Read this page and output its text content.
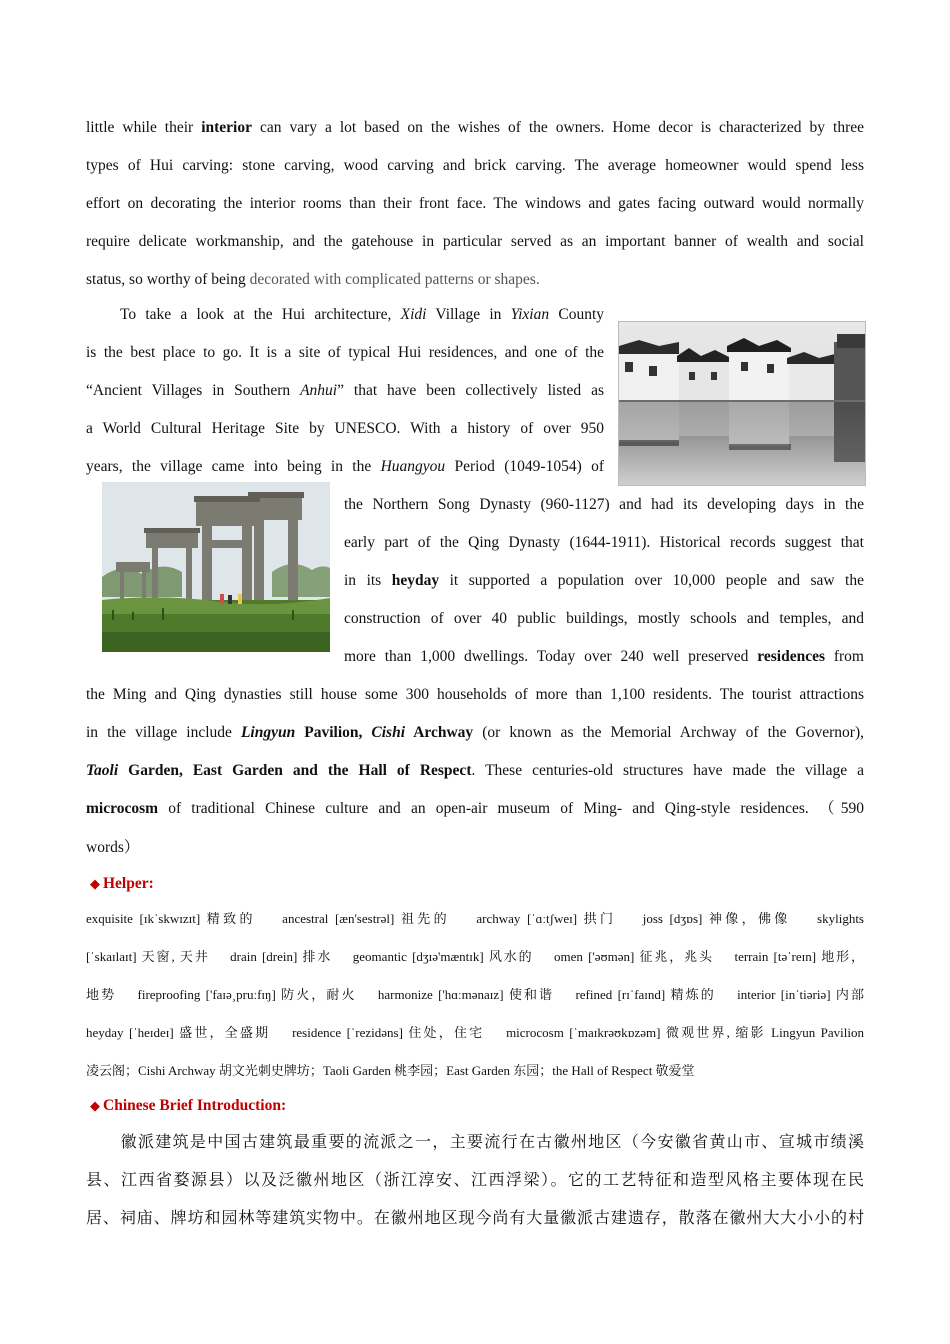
little while their interior can vary a lot based on the wishes of the owners. Home decor is characterized by three
types of Hui carving: stone carving, wood carving and brick carving. The average homeowner would spend less
effort on decorating the interior rooms than their front face. The windows and gates facing outward would normally
require delicate workmanship, and the gatehouse in particular served as an important banner of wealth and social
status, so worthy of being decorated with complicated patterns or shapes.
To take a look at the Hui architecture, Xidi Village in Yixian County
is the best place to go. It is a site of typical Hui residences, and one of the
“Ancient Villages in Southern Anhui” that have been collectively listed as
a World Cultural Heritage Site by UNESCO. With a history of over 950
years, the village came into being in the Huangyou Period (1049-1054) of
the Northern Song Dynasty (960-1127) and had its developing days in the
early part of the Qing Dynasty (1644-1911). Historical records suggest that
in its heyday it supported a population over 10,000 people and saw the
construction of over 40 public buildings, mostly schools and temples, and
more than 1,000 dwellings. Today over 240 well preserved residences from
the Ming and Qing dynasties still house some 300 households of more than 1,100 residents. The tourist attractions
in the village include Lingyun Pavilion, Cishi Archway (or known as the Memorial Archway of the Governor),
Taoli Garden, East Garden and the Hall of Respect. These centuries-old structures have made the village a
microcosm of traditional Chinese culture and an open-air museum of Ming- and Qing-style residences. （590
words）
◆ Helper:
exquisite [ɪkˈskwɪzɪt] 精致的    ancestral [æn'sestrəl] 祖先的    archway [ˈɑːtʃweɪ] 拱门    joss [dʒɒs] 神像，佛像    skylights
[ˈskaɪlaɪt] 天窗, 天井    drain [drein] 排水    geomantic [dʒɪə'mæntɪk] 风水的    omen ['əʊmən] 征兆，兆头    terrain [təˈreɪn] 地形，
地势    fireproofing ['faɪə¸pruːfɪŋ] 防火，耐火    harmonize ['hɑːmənaɪz] 使和谐    refined [rɪˈfaɪnd] 精炼的    interior [inˈtiəriə] 内部
heyday [ˈheɪdeɪ] 盛世，全盛期    residence [ˈrezidəns] 住处，住宅    microcosm [ˈmaɪkrəʊkɒzəm] 微观世界, 缩影 Lingyun Pavilion
凌云阁；Cishi Archway 胡文光刺史牌坊；Taoli Garden 桃李园；East Garden 东园；the Hall of Respect 敬爱堂
◆ Chinese Brief Introduction:
　　徽派建筑是中国古建筑最重要的流派之一，主要流行在古徽州地区（今安徽省黄山市、宣城市绩溪
县、江西省婺源县）以及泛徽州地区（浙江淳安、江西浮梁）。它的工艺特征和造型风格主要体现在民
居、祠庙、牌坊和园林等建筑实物中。在徽州地区现今尚有大量徽派古建遗存，散落在徽州大大小小的村
